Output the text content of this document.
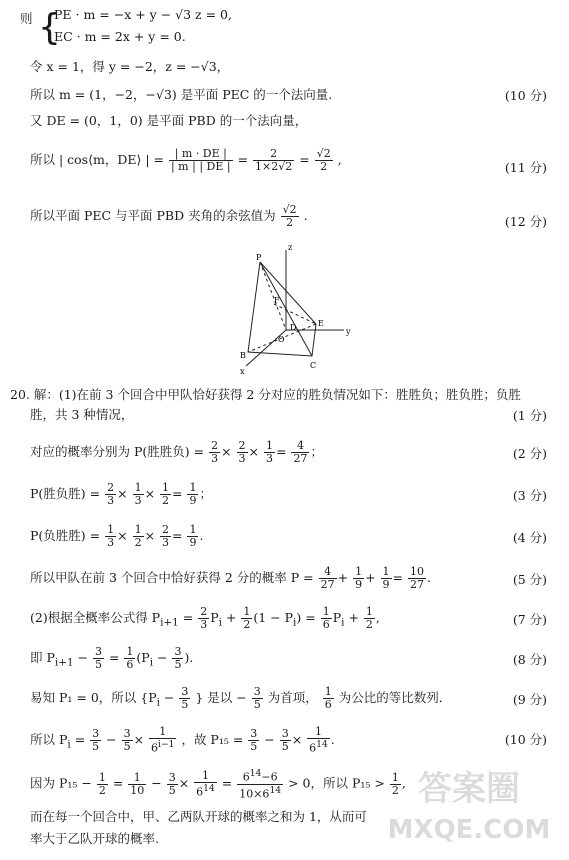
{
则	PE · m = −x + y − √3 z = 0,
EC · m = 2x + y = 0.
令 x = 1，得 y = −2，z = −√3，
所以 m = (1，−2，−√3) 是平面 PEC 的一个法向量.	(10 分)
又 DE = (0，1，0) 是平面 PBD 的一个法向量，
所以 | cos⟨m，DE⟩ | = $\frac{| m \cdot DE |}{| m | | DE |} = \frac{2}{1\times 2√2} = \frac{√2}{2}$ ,
(11 分)
所以平面 PEC 与平面 PBD 夹角的余弦值为 $\frac{√2}{2}$ .	(12 分)
P
F
D	E
O
B
C
z
y
x
20. 解：(1)在前 3 个回合中甲队恰好获得 2 分对应的胜负情况如下：胜胜负；胜负胜；负胜
胜，共 3 种情况，	(1 分)
对应的概率分别为 P(胜胜负) = $\frac{2}{3} \times \frac{2}{3} \times \frac{1}{3} = \frac{4}{27}$ ；	(2 分)
P(胜负胜) = $\frac{2}{3} \times \frac{1}{3} \times \frac{1}{2} = \frac{1}{9}$ ；	(3 分)
P(负胜胜) = $\frac{1}{3} \times \frac{1}{2} \times \frac{2}{3} = \frac{1}{9}$ .	(4 分)
所以甲队在前 3 个回合中恰好获得 2 分的概率 $P = \frac{4}{27} + \frac{1}{9} + \frac{1}{9} = \frac{10}{27}$ .	(5 分)
(2)根据全概率公式得 $P_{i+1} = \frac{2}{3} P_i + \frac{1}{2} (1 - P_i) = \frac{1}{6} P_i + \frac{1}{2}$ ,	(7 分)
即 $P_{i+1} - \frac{3}{5} = \frac{1}{6} (P_i - \frac{3}{5}$ ).	(8 分)
易知 P₁ = 0，所以 {$P_i - \frac{3}{5}$ } 是以 − $\frac{3}{5}$ 为首项， $\frac{1}{6}$ 为公比的等比数列．	(9 分)
所以 $P_i = \frac{3}{5} - \frac{3}{5} \times \frac{1}{6^{i-1}}$ ，故 $P_{15} = \frac{3}{5} - \frac{3}{5} \times \frac{1}{6^{14}}$ .	(10 分)
因为 $P_{15} - \frac{1}{2} = \frac{1}{10} - \frac{3}{5} \times \frac{1}{6^{14}} = \frac{6^{14}-6}{10\times 6^{14}} > 0$，所以 $P_{15} > \frac{1}{2}$ ,
而在每一个回合中，甲、乙两队开球的概率之和为 1，从而可
率大于乙队开球的概率.
答案圈
MXQE.COM
